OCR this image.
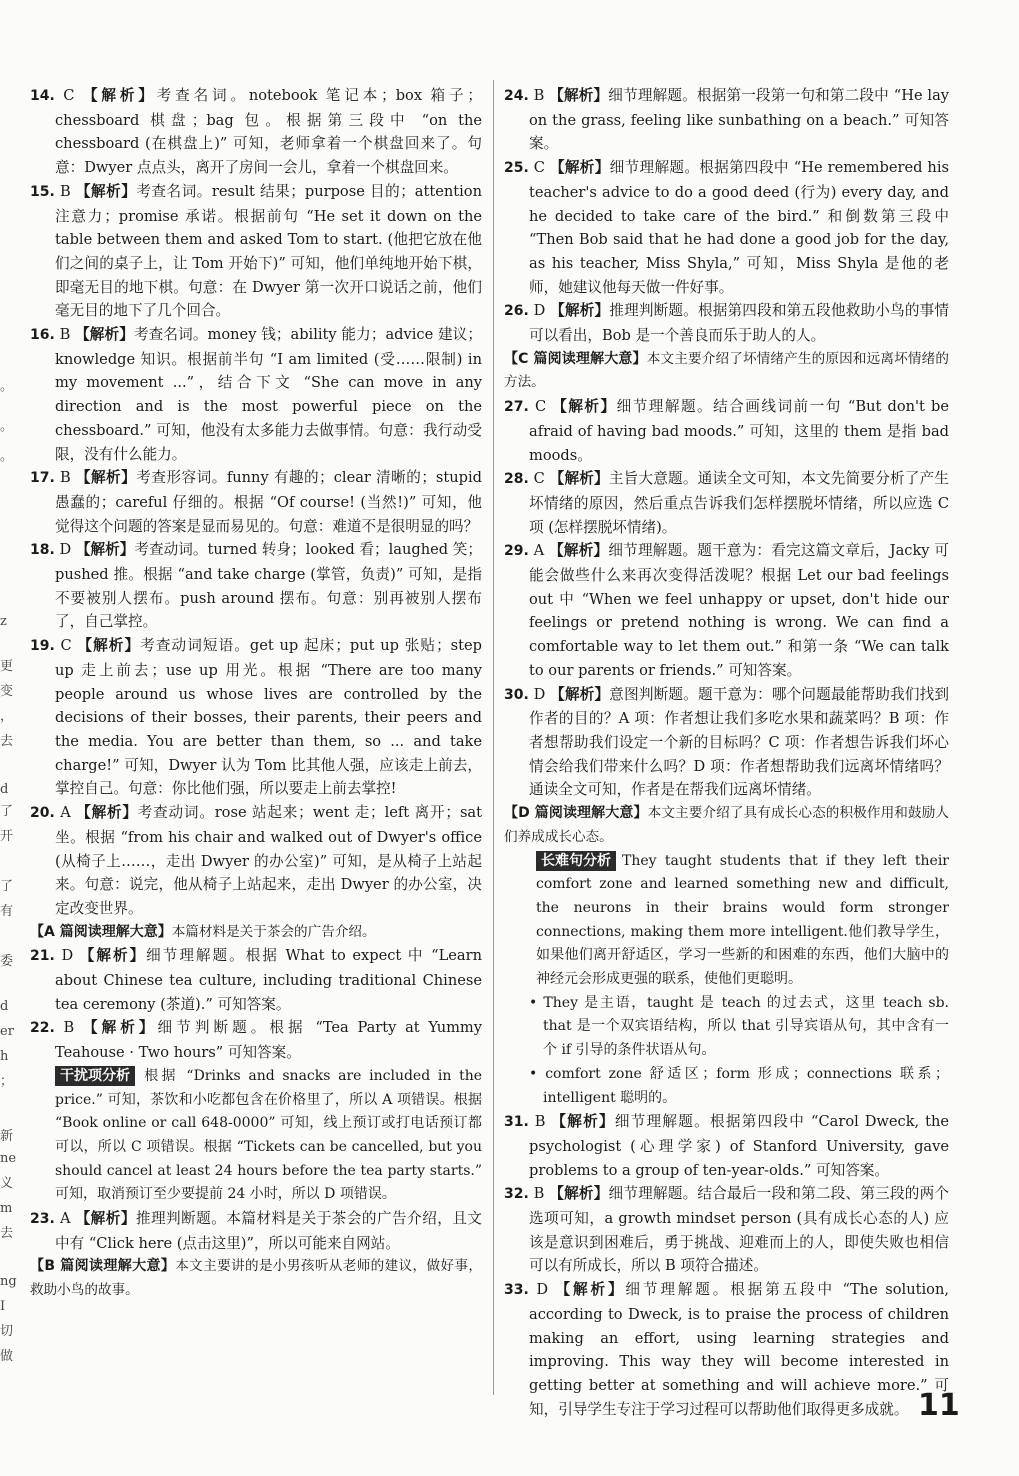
。
。
。
z
更
变
，
去
d
了
开
了
有
委
d
er
h
；
新
ne
义
m
去
ng
I
切
做

14. C 【解析】考查名词。notebook 笔记本；box 箱子；chessboard 棋盘；bag 包。根据第三段中 “on the chessboard (在棋盘上)” 可知，老师拿着一个棋盘回来了。句意：Dwyer 点点头，离开了房间一会儿，拿着一个棋盘回来。

15. B 【解析】考查名词。result 结果；purpose 目的；attention 注意力；promise 承诺。根据前句 “He set it down on the table between them and asked Tom to start. (他把它放在他们之间的桌子上，让 Tom 开始下)” 可知，他们单纯地开始下棋，即毫无目的地下棋。句意：在 Dwyer 第一次开口说话之前，他们毫无目的地下了几个回合。

16. B 【解析】考查名词。money 钱；ability 能力；advice 建议；knowledge 知识。根据前半句 “I am limited (受……限制) in my movement ...”，结合下文 “She can move in any direction and is the most powerful piece on the chessboard.” 可知，他没有太多能力去做事情。句意：我行动受限，没有什么能力。

17. B 【解析】考查形容词。funny 有趣的；clear 清晰的；stupid 愚蠢的；careful 仔细的。根据 “Of course! (当然!)” 可知，他觉得这个问题的答案是显而易见的。句意：难道不是很明显的吗？

18. D 【解析】考查动词。turned 转身；looked 看；laughed 笑；pushed 推。根据 “and take charge (掌管，负责)” 可知，是指不要被别人摆布。push around 摆布。句意：别再被别人摆布了，自己掌控。

19. C 【解析】考查动词短语。get up 起床；put up 张贴；step up 走上前去；use up 用光。根据 “There are too many people around us whose lives are controlled by the decisions of their bosses, their parents, their peers and the media. You are better than them, so ... and take charge!” 可知，Dwyer 认为 Tom 比其他人强，应该走上前去，掌控自己。句意：你比他们强，所以要走上前去掌控!

20. A 【解析】考查动词。rose 站起来；went 走；left 离开；sat 坐。根据 “from his chair and walked out of Dwyer's office (从椅子上……，走出 Dwyer 的办公室)” 可知，是从椅子上站起来。句意：说完，他从椅子上站起来，走出 Dwyer 的办公室，决定改变世界。

【A 篇阅读理解大意】本篇材料是关于茶会的广告介绍。

21. D 【解析】细节理解题。根据 What to expect 中 “Learn about Chinese tea culture, including traditional Chinese tea ceremony (茶道).” 可知答案。

22. B 【解析】细节判断题。根据 “Tea Party at Yummy Teahouse · Two hours” 可知答案。

干扰项分析 根据 “Drinks and snacks are included in the price.” 可知，茶饮和小吃都包含在价格里了，所以 A 项错误。根据 “Book online or call 648-0000” 可知，线上预订或打电话预订都可以，所以 C 项错误。根据 “Tickets can be cancelled, but you should cancel at least 24 hours before the tea party starts.” 可知，取消预订至少要提前 24 小时，所以 D 项错误。

23. A 【解析】推理判断题。本篇材料是关于茶会的广告介绍，且文中有 “Click here (点击这里)”，所以可能来自网站。

【B 篇阅读理解大意】本文主要讲的是小男孩听从老师的建议，做好事，救助小鸟的故事。

24. B 【解析】细节理解题。根据第一段第一句和第二段中 “He lay on the grass, feeling like sunbathing on a beach.” 可知答案。

25. C 【解析】细节理解题。根据第四段中 “He remembered his teacher's advice to do a good deed (行为) every day, and he decided to take care of the bird.” 和倒数第三段中 “Then Bob said that he had done a good job for the day, as his teacher, Miss Shyla,” 可知，Miss Shyla 是他的老师，她建议他每天做一件好事。

26. D 【解析】推理判断题。根据第四段和第五段他救助小鸟的事情可以看出，Bob 是一个善良而乐于助人的人。

【C 篇阅读理解大意】本文主要介绍了坏情绪产生的原因和远离坏情绪的方法。

27. C 【解析】细节理解题。结合画线词前一句 “But don't be afraid of having bad moods.” 可知，这里的 them 是指 bad moods。

28. C 【解析】主旨大意题。通读全文可知，本文先简要分析了产生坏情绪的原因，然后重点告诉我们怎样摆脱坏情绪，所以应选 C 项 (怎样摆脱坏情绪)。

29. A 【解析】细节理解题。题干意为：看完这篇文章后，Jacky 可能会做些什么来再次变得活泼呢？根据 Let our bad feelings out 中 “When we feel unhappy or upset, don't hide our feelings or pretend nothing is wrong. We can find a comfortable way to let them out.” 和第一条 “We can talk to our parents or friends.” 可知答案。

30. D 【解析】意图判断题。题干意为：哪个问题最能帮助我们找到作者的目的？A 项：作者想让我们多吃水果和蔬菜吗？B 项：作者想帮助我们设定一个新的目标吗？C 项：作者想告诉我们坏心情会给我们带来什么吗？D 项：作者想帮助我们远离坏情绪吗？通读全文可知，作者是在帮我们远离坏情绪。

【D 篇阅读理解大意】本文主要介绍了具有成长心态的积极作用和鼓励人们养成成长心态。

长难句分析 They taught students that if they left their comfort zone and learned something new and difficult, the neurons in their brains would form stronger connections, making them more intelligent.他们教导学生，如果他们离开舒适区，学习一些新的和困难的东西，他们大脑中的神经元会形成更强的联系，使他们更聪明。

• They 是主语，taught 是 teach 的过去式，这里 teach sb. that 是一个双宾语结构，所以 that 引导宾语从句，其中含有一个 if 引导的条件状语从句。

• comfort zone 舒适区；form 形成；connections 联系；intelligent 聪明的。

31. B 【解析】细节理解题。根据第四段中 “Carol Dweck, the psychologist (心理学家) of Stanford University, gave problems to a group of ten-year-olds.” 可知答案。

32. B 【解析】细节理解题。结合最后一段和第二段、第三段的两个选项可知，a growth mindset person (具有成长心态的人) 应该是意识到困难后，勇于挑战、迎难而上的人，即使失败也相信可以有所成长，所以 B 项符合描述。

33. D 【解析】细节理解题。根据第五段中 “The solution, according to Dweck, is to praise the process of children making an effort, using learning strategies and improving. This way they will become interested in getting better at something and will achieve more.” 可知，引导学生专注于学习过程可以帮助他们取得更多成就。 11
